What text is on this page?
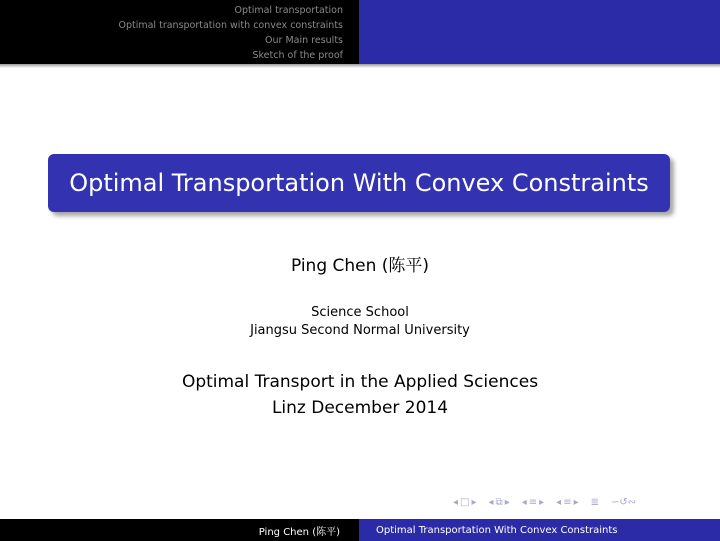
Optimal transportation
Optimal transportation with convex constraints
Our Main results
Sketch of the proof
Optimal Transportation With Convex Constraints
Ping Chen (陈平)
Science School
Jiangsu Second Normal University
Optimal Transport in the Applied Sciences
Linz December 2014
◂ □ ▸ ◂ ⧉ ▸ ◂ ≡ ▸ ◂ ≡ ▸ ≣ ∽↺∾
Ping Chen (陈平)	Optimal Transportation With Convex Constraints
